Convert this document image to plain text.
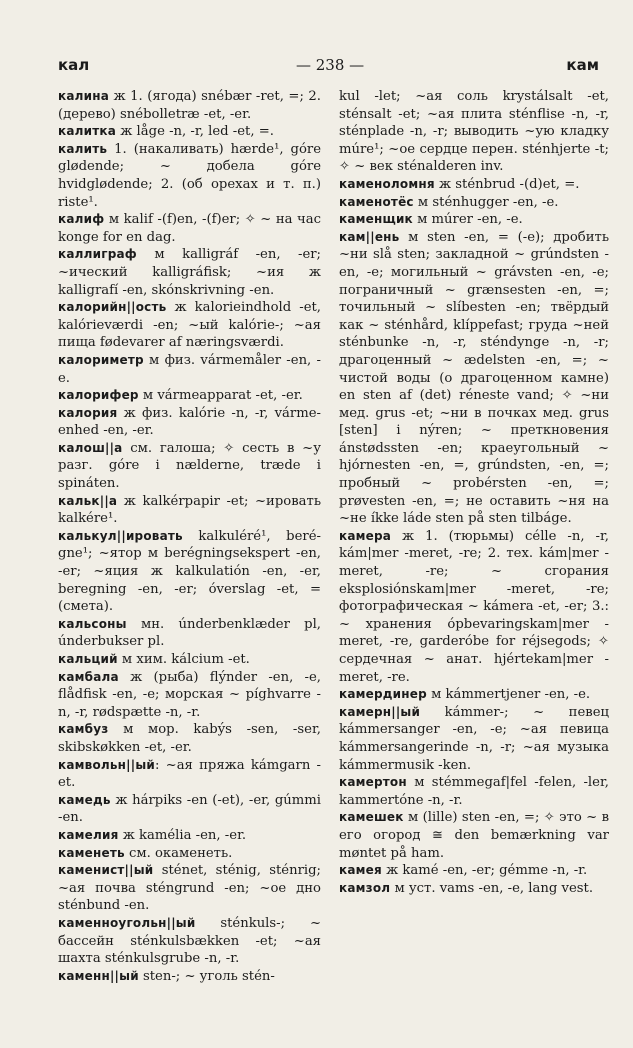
кал	— 238 —	кам
калина ж 1. (ягода) snébær -ret, =; 2. (дерево) snébolletræ -et, -er.
калитка ж låge -n, -r, led -et, =.
калить 1. (накаливать) hærde¹, góre glødende; ~ добела góre hvidglødende; 2. (об орехах и т. п.) riste¹.
калиф м kalif -(f)en, -(f)er; ✧ ~ на час konge for en dag.
каллиграф м kalligráf -en, -er; ~ический kalligráfisk; ~ия ж kalligrafí -en, skónskrivning -en.
калорийн||ость ж kalorieindhold -et, kalórieværdi -en; ~ый kalórie-; ~ая пища fødevarer af næringsværdi.
калориметр м физ. vármemåler -en, -e.
калорифер м vármeapparat -et, -er.
калория ж физ. kalórie -n, -r, vármeenhed -en, -er.
калош||а см. галоша; ✧ сесть в ~у разг. góre i nælderne, træde i spináten.
кальк||а ж kalkérpapir -et; ~ировать kalkére¹.
калькул||ировать kalkuléré¹, berégne¹; ~ятор м berégningsekspert -en, -er; ~яция ж kalkulatión -en, -er, beregning -en, -er; óverslag -et, = (смета).
кальсоны мн. únderbenklæder pl, únderbukser pl.
кальций м хим. kálcium -et.
камбала ж (рыба) flýnder -en, -e, flådfisk -en, -e; морская ~ píghvarre -n, -r, rødspætte -n, -r.
камбуз м мор. kabýs -sen, -ser, skibskøkken -et, -er.
камвольн||ый: ~ая пряжа kámgarn -et.
камедь ж hárpiks -en (-et), -er, gúmmi -en.
камелия ж kamélia -en, -er.
каменеть см. окаменеть.
каменист||ый sténet, sténig, sténrig; ~ая почва sténgrund -en; ~ое дно sténbund -en.
каменноугольн||ый sténkuls-; ~ бассейн sténkulsbækken -et; ~ая шахта sténkulsgrube -n, -r.
каменн||ый sten-; ~ уголь stén-
kul -let; ~ая соль krystálsalt -et, sténsalt -et; ~ая плита sténflise -n, -r, sténplade -n, -r; выводить ~ую кладку múre¹; ~ое сердце перен. sténhjerte -t; ✧ ~ век sténalderen inv.
каменоломня ж sténbrud -(d)et, =.
каменотёс м sténhugger -en, -e.
каменщик м múrer -en, -e.
кам||ень м sten -en, = (-e); дробить ~ни slå sten; закладной ~ grúndsten -en, -e; могильный ~ grávsten -en, -e; пограничный ~ grænsesten -en, =; точильный ~ slíbesten -en; твёрдый как ~ sténhård, klíppefast; груда ~ней sténbunke -n, -r, sténdynge -n, -r; драгоценный ~ ædelsten -en, =; ~ чистой воды (о драгоценном камне) en sten af (det) réneste vand; ✧ ~ни мед. grus -et; ~ни в почках мед. grus [sten] i nýren; ~ преткновения ánstødssten -en; краеугольный ~ hjórnesten -en, =, grúndsten, -en, =; пробный ~ probérsten -en, =; prøvesten -en, =; не оставить ~ня на ~не íkke láde sten på sten tilbáge.
камера ж 1. (тюрьмы) célle -n, -r, kám|mer -meret, -re; 2. тех. kám|mer -meret, -re; ~ сгорания eksplosiónskam|mer -meret, -re; фотографическая ~ kámera -et, -er; 3.: ~ хранения ópbevaringskam|mer -meret, -re, garderóbe for réjsegods; ✧ сердечная ~ анат. hjértekam|mer -meret, -re.
камердинер м kámmertjener -en, -e.
камерн||ый kámmer-; ~ певец kámmersanger -en, -e; ~ая певица kámmersangerinde -n, -r; ~ая музыка kámmermusik -ken.
камертон м stémmegaf|fel -felen, -ler, kammertóne -n, -r.
камешек м (lille) sten -en, =; ✧ это ~ в его огород ≅ den bemærkning var møntet på ham.
камея ж kamé -en, -er; gémme -n, -r.
камзол м уст. vams -en, -e, lang vest.
